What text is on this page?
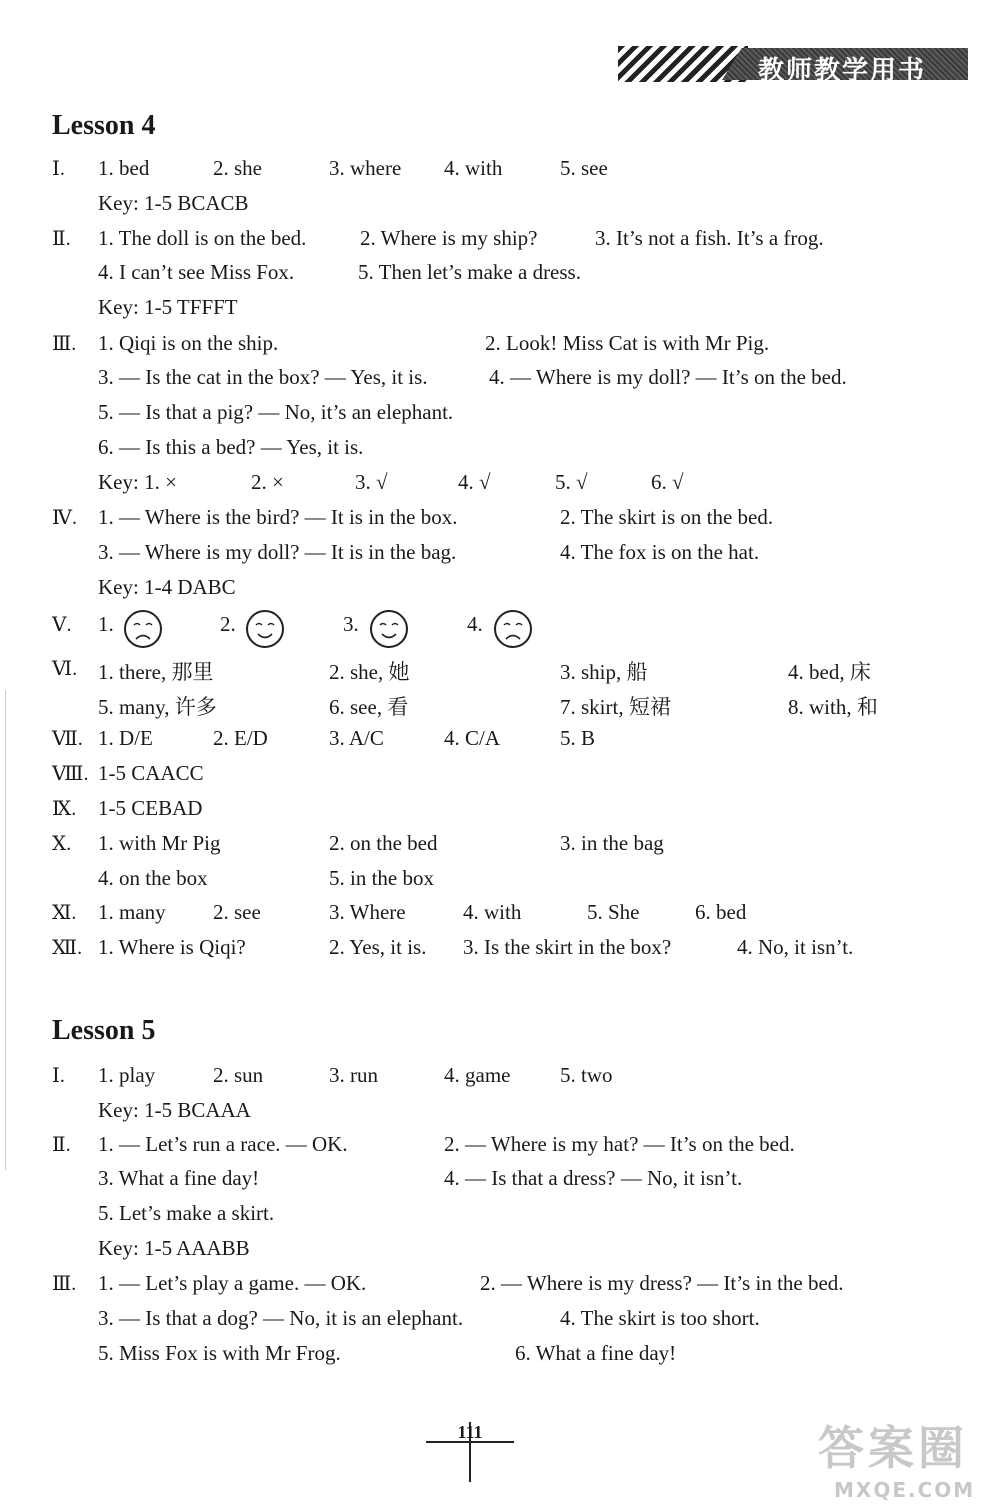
教师教学用书
Lesson 4
Ⅰ. 1. bed	2. she	3. where 4. with	5. see
Key: 1-5 BCACB
Ⅱ. 1. The doll is on the bed.	2. Where is my ship?	3. It’s not a fish. It’s a frog.
4. I can’t see Miss Fox.	5. Then let’s make a dress.
Key: 1-5 TFFFT
Ⅲ. 1. Qiqi is on the ship.	2. Look! Miss Cat is with Mr Pig.
3. — Is the cat in the box? — Yes, it is.	4. — Where is my doll? — It’s on the bed.
5. — Is that a pig? — No, it’s an elephant.
6. — Is this a bed? — Yes, it is.
Key: 1. ×	2. ×	3. √	4. √	5. √	6. √
Ⅳ. 1. — Where is the bird? — It is in the box.	2. The skirt is on the bed.
3. — Where is my doll? — It is in the bag.	4. The fox is on the hat.
Key: 1-4 DABC
Ⅴ. 1.	2.	3.	4.
Ⅵ. 1. there, 那里	2. she, 她	3. ship, 船	4. bed, 床
5. many, 许多	6. see, 看	7. skirt, 短裙	8. with, 和
Ⅶ. 1. D/E	2. E/D	3. A/C	4. C/A	5. B
Ⅷ. 1-5 CAACC
Ⅸ. 1-5 CEBAD
Ⅹ. 1. with Mr Pig	2. on the bed	3. in the bag
4. on the box	5. in the box
Ⅺ. 1. many 2. see	3. Where	4. with	5. She	6. bed
Ⅻ. 1. Where is Qiqi?	2. Yes, it is. 3. Is the skirt in the box?	4. No, it isn’t.
Lesson 5
Ⅰ. 1. play	2. sun	3. run	4. game 5. two
Key: 1-5 BCAAA
Ⅱ. 1. — Let’s run a race. — OK.	2. — Where is my hat? — It’s on the bed.
3. What a fine day!	4. — Is that a dress? — No, it isn’t.
5. Let’s make a skirt.
Key: 1-5 AAABB
Ⅲ. 1. — Let’s play a game. — OK.	2. — Where is my dress? — It’s in the bed.
3. — Is that a dog? — No, it is an elephant.	4. The skirt is too short.
5. Miss Fox is with Mr Frog.	6. What a fine day!
111	答案圈
MXQE.COM
